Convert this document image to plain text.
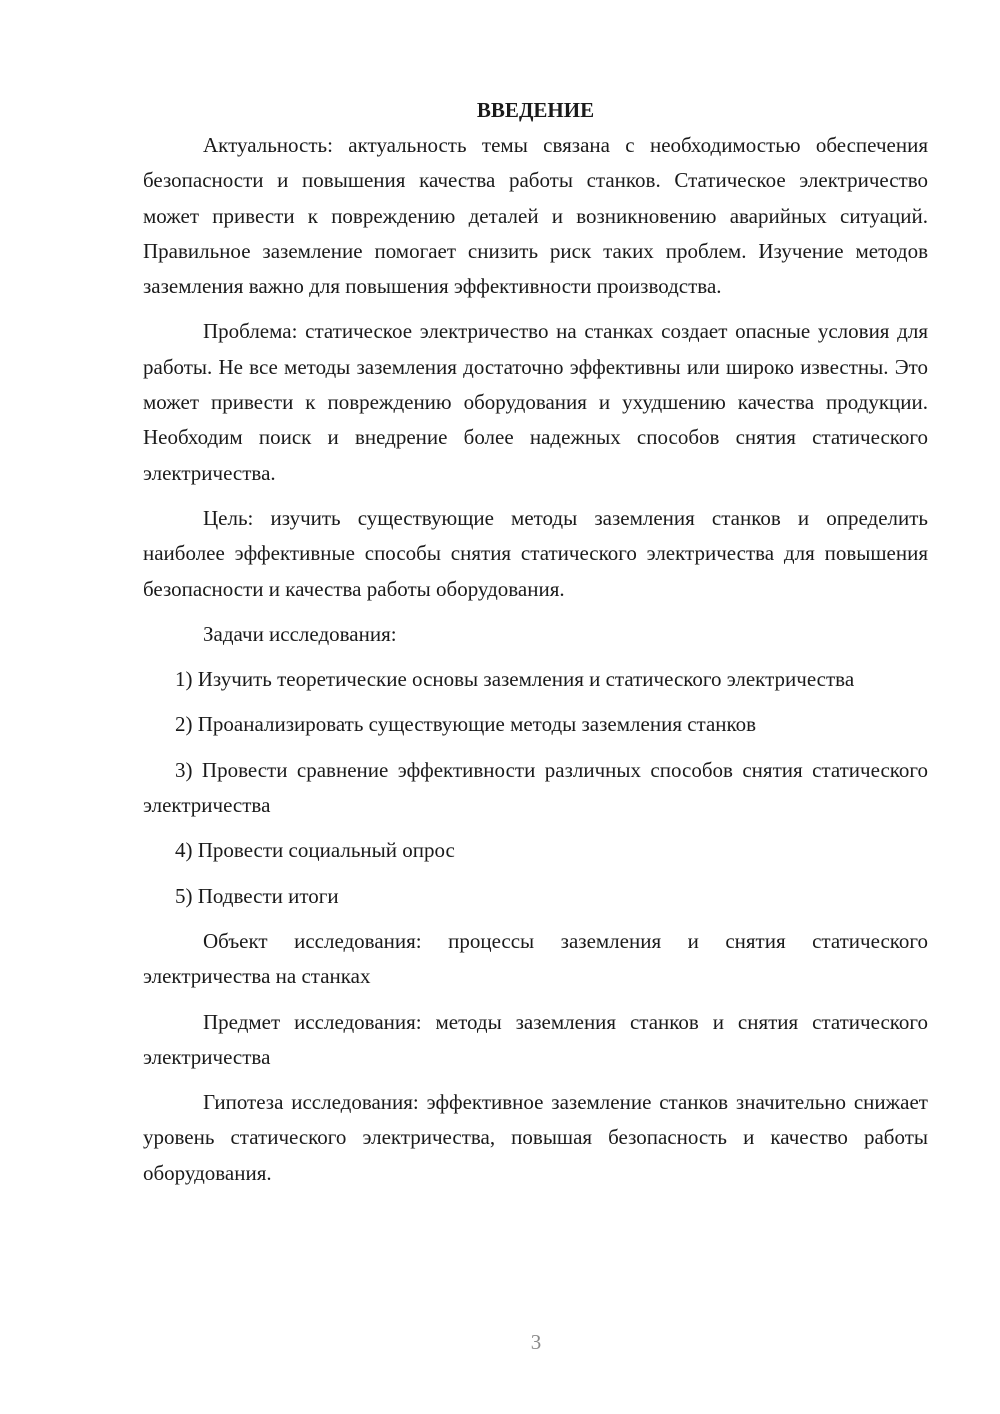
ВВЕДЕНИЕ

Актуальность: актуальность темы связана с необходимостью обеспечения безопасности и повышения качества работы станков. Статическое электричество может привести к повреждению деталей и возникновению аварийных ситуаций. Правильное заземление помогает снизить риск таких проблем. Изучение методов заземления важно для повышения эффективности производства.

Проблема: статическое электричество на станках создает опасные условия для работы. Не все методы заземления достаточно эффективны или широко известны. Это может привести к повреждению оборудования и ухудшению качества продукции. Необходим поиск и внедрение более надежных способов снятия статического электричества.

Цель: изучить существующие методы заземления станков и определить наиболее эффективные способы снятия статического электричества для повышения безопасности и качества работы оборудования.

Задачи исследования:

1) Изучить теоретические основы заземления и статического электричества

2) Проанализировать существующие методы заземления станков

3) Провести сравнение эффективности различных способов снятия статического электричества

4) Провести социальный опрос

5) Подвести итоги

Объект исследования: процессы заземления и снятия статического электричества на станках

Предмет исследования: методы заземления станков и снятия статического электричества

Гипотеза исследования: эффективное заземление станков значительно снижает уровень статического электричества, повышая безопасность и качество работы оборудования.

3
